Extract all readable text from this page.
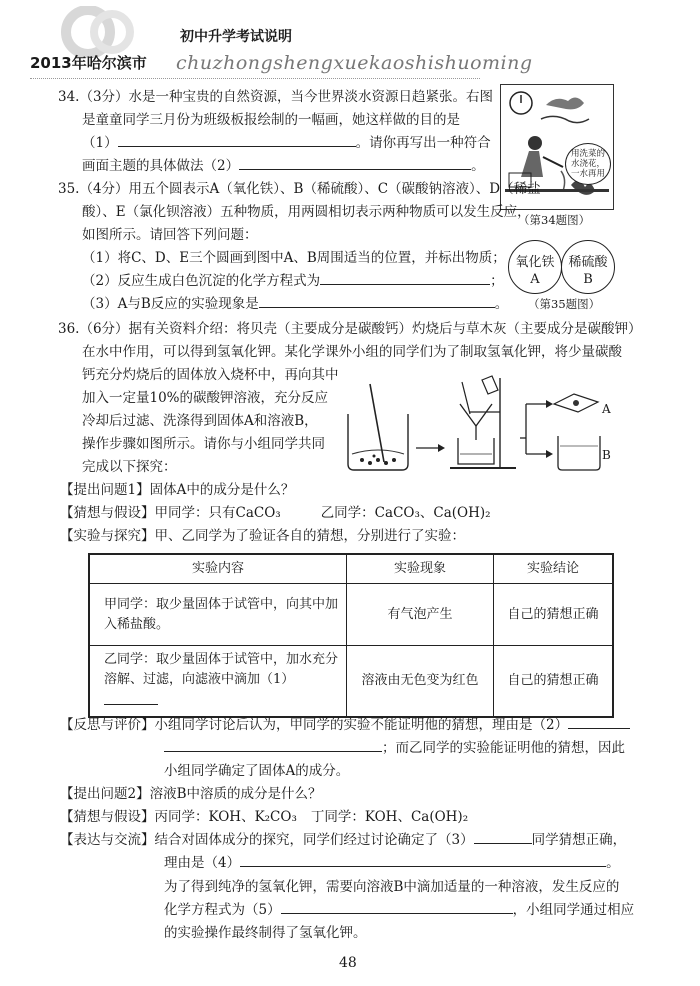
初中升学考试说明
2013年哈尔滨市 chuzhongshengxuekaoshishuoming
34.（3分）水是一种宝贵的自然资源，当今世界淡水资源日趋紧张。右图
是童童同学三月份为班级板报绘制的一幅画，她这样做的目的是
（1）	。请你再写出一种符合
画面主题的具体做法（2）	。
用洗菜的水浇花，一水再用
（第34题图）
35.（4分）用五个圆表示A（氧化铁）、B（稀硫酸）、C（碳酸钠溶液）、D（稀盐
酸）、E（氯化钡溶液）五种物质，用两圆相切表示两种物质可以发生反应，
如图所示。请回答下列问题：
（1）将C、D、E三个圆画到图中A、B周围适当的位置，并标出物质；
（2）反应生成白色沉淀的化学方程式为	；
（3）A与B反应的实验现象是	。
氧化铁
A
稀硫酸
B
（第35题图）
36.（6分）据有关资料介绍：将贝壳（主要成分是碳酸钙）灼烧后与草木灰（主要成分是碳酸钾）
在水中作用，可以得到氢氧化钾。某化学课外小组的同学们为了制取氢氧化钾，将少量碳酸
钙充分灼烧后的固体放入烧杯中，再向其中
加入一定量10%的碳酸钾溶液，充分反应
冷却后过滤、洗涤得到固体A和溶液B，
操作步骤如图所示。请你与小组同学共同
完成以下探究：
A
B
【提出问题1】固体A中的成分是什么？
【猜想与假设】甲同学：只有CaCO₃	乙同学：CaCO₃、Ca(OH)₂
【实验与探究】甲、乙同学为了验证各自的猜想，分别进行了实验：
实验内容	实验现象	实验结论
甲同学：取少量固体于试管中，向其中加入稀盐酸。	有气泡产生	自己的猜想正确
乙同学：取少量固体于试管中，加水充分溶解、过滤，向滤液中滴加（1）	溶液由无色变为红色	自己的猜想正确
【反思与评价】小组同学讨论后认为，甲同学的实验不能证明他的猜想，理由是（2）
；而乙同学的实验能证明他的猜想，因此
小组同学确定了固体A的成分。
【提出问题2】溶液B中溶质的成分是什么？
【猜想与假设】丙同学：KOH、K₂CO₃ 丁同学：KOH、Ca(OH)₂
【表达与交流】结合对固体成分的探究，同学们经过讨论确定了（3）	同学猜想正确，
理由是（4）	。
为了得到纯净的氢氧化钾，需要向溶液B中滴加适量的一种溶液，发生反应的
化学方程式为（5）	，小组同学通过相应
的实验操作最终制得了氢氧化钾。
48
